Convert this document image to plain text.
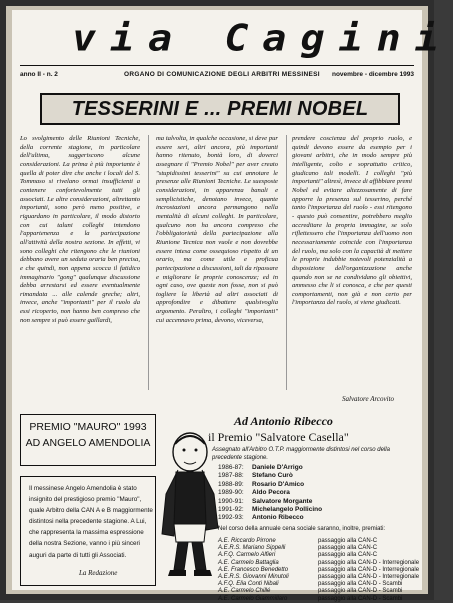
via Cagini
anno II - n. 2	ORGANO DI COMUNICAZIONE DEGLI ARBITRI MESSINESI novembre - dicembre 1993
TESSERINI E ... PREMI NOBEL
Lo svolgimento delle Riunioni Tecniche, della corrente stagione, in particolare dell'ultima, suggeriscono alcune considerazioni. La prima è più importante è quella di poter dire che anche i locali del S. Tommaso si rivelano ormai insufficienti a contenere confortevolmente tutti gli associati. Le altre considerazioni, altrettanto importanti, sono però meno positive, e riguardano in particolare, il modo distorto con cui taluni colleghi intendono l'appartenenza e la partecipazione all'attività della nostra sezione. In effetti, vi sono colleghi che ritengono che le riunioni debbano avere un seduta oraria ben precisa, e che quindi, non appena scocca il fatidico immaginario "gong" qualunque discussione debba arrestarsi ed essere eventualmente rimandata ... alle calende greche; altri, invece, anche "importanti" per il ruolo da essi ricoperto, non hanno ben compreso che non sempre si può essere gaillardi,
ma talvolta, in qualche occasione, si deve pur essere seri, altri ancora, più importanti hanno ritenuto, bontà loro, di doverci assegnare il "Premio Nobel" per aver creato "stupidissimi tesserini" su cui annotare le presenze alle Riunioni Tecniche. Le suesposte considerazioni, in apparenza banali e semplicistiche, denotano invece, quante incrostazioni ancora permangono nella mentalità di alcuni colleghi. In particolare, qualcuno non ha ancora compreso che l'obbligatorietà della partecipazione alla Riunione Tecnica non vuole e non dovrebbe essere intesa come ossequioso rispetto di un orario, ma come utile e proficua partecipazione a discussioni, tali da ripassare e migliorare le proprie conoscenze; ed in ogni caso, ove queste non fosse, non si può togliere la libertà ad altri associati di approfondire e dibattere qualsivoglia argomento. Peraltro, i colleghi "importanti" cui accennavo prima, devono, viceversa,
prendere coscienza del proprio ruolo, e quindi devono essere da esempio per i giovani arbitri, che in modo sempre più intelligente, colto e soprattutto critico, giudicano tali modelli. I colleghi "più importanti" altresì, invece di affibbiare premi Nobel ed evitare altezzosamente di fare apporre la presenza sul tesserino, perché tanto l'importanza del ruolo - essi ritengono - questo può consentire, potrebbero meglio accreditare la propria immagine, se solo riflettessero che l'importanza dell'uomo non necessariamente coincide con l'importanza del ruolo, ma solo con la capacità di mettere le proprie indubbie notevoli potenzialità a disposizione dell'organizzazione anche quando non se ne condividano gli obiettivi, ammesso che li si conosca, e che per questi comportamenti, non già e non certo per l'importanza del ruolo, si viene giudicati.
Salvatore Arcovito
PREMIO "MAURO" 1993
AD ANGELO AMENDOLIA
Il messinese Angelo Amendolia è stato insignito del prestigioso premio "Mauro", quale Arbitro della CAN A e B maggiormente distintosi nella precedente stagione. A Lui, che rappresenta la massima espressione della nostra Sezione, vanno i più sinceri auguri da parte di tutti gli Associati.
La Redazione
Ad Antonio Ribecco
il Premio "Salvatore Casella"
Assegnato all'Arbitro O.T.P. maggiormente distintosi nel corso della precedente stagione.
1986-87: Daniele D'Arrigo
1987-88: Stefano Curò
1988-89: Rosario D'Amico
1989-90: Aldo Pecora
1990-91: Salvatore Morgante
1991-92: Michelangelo Pollicino
1992-93: Antonio Ribecco
Nel corso della annuale cena sociale saranno, inoltre, premiati:
A.E. Riccardo Pirrone	passaggio alla CAN-C
A.E.R.S. Mariano Sippelli	passaggio alla CAN-C
A.F.Q. Carmelo Alfieri	passaggio alla CAN-C
A.E. Carmelo Battaglia	passaggio alla CAN-D - Interregionale
A.E. Francesco Benedetto	passaggio alla CAN-D - Interregionale
A.E.R.S. Giovanni Minutoli	passaggio alla CAN-D - Interregionale
A.F.Q. Elia Conti Nibali	passaggio alla CAN-D - Scambi
A.E. Carmelo Chillé	passaggio alla CAN-D - Scambi
A.E. Carmelo Giammillaro	passaggio alla CAN-D - Scambi
